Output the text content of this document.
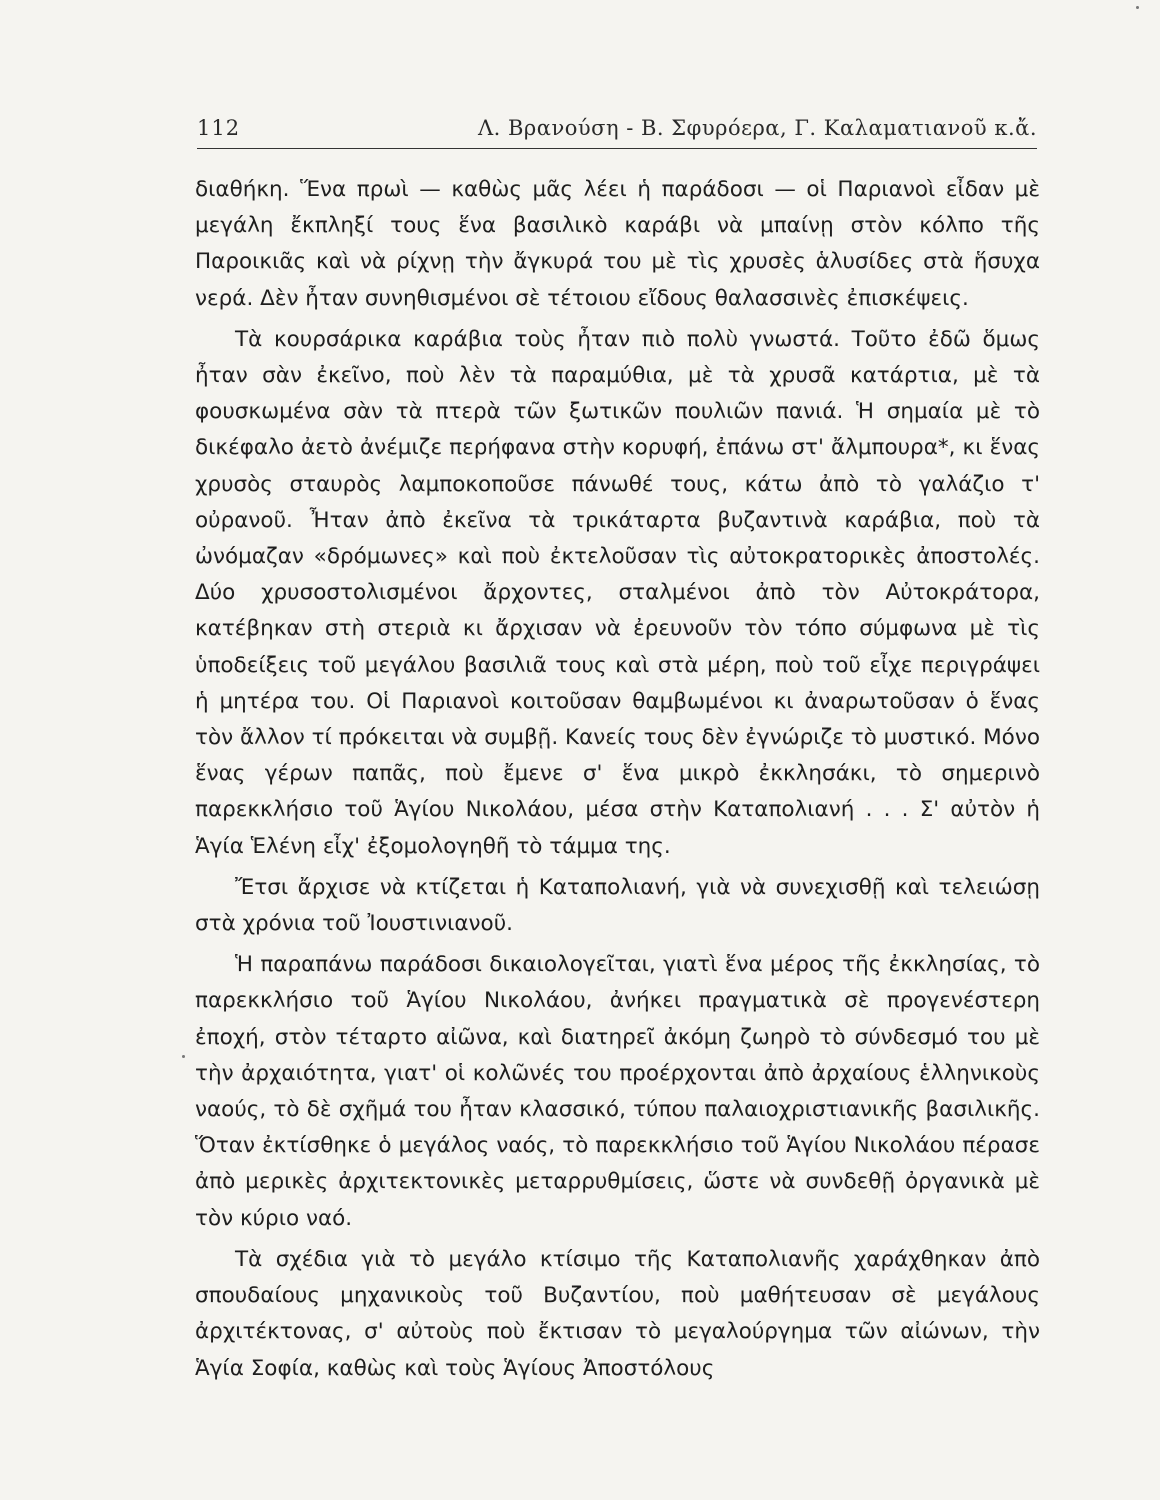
112	Λ. Βρανούση - Β. Σφυρόερα, Γ. Καλαματιανοῦ κ.ἄ.

διαθήκη. Ἕνα πρωὶ — καθὼς μᾶς λέει ἡ παράδοσι — οἱ Παριανοὶ εἶδαν μὲ μεγάλη ἔκπληξί τους ἕνα βασιλικὸ καράβι νὰ μπαίνῃ στὸν κόλπο τῆς Παροικιᾶς καὶ νὰ ρίχνῃ τὴν ἄγκυρά του μὲ τὶς χρυσὲς ἁλυσίδες στὰ ἥσυχα νερά. Δὲν ἦταν συνηθισμένοι σὲ τέτοιου εἴδους θαλασσινὲς ἐπισκέψεις.

Τὰ κουρσάρικα καράβια τοὺς ἦταν πιὸ πολὺ γνωστά. Τοῦτο ἐδῶ ὅμως ἦταν σὰν ἐκεῖνο, ποὺ λὲν τὰ παραμύθια, μὲ τὰ χρυσᾶ κατάρτια, μὲ τὰ φουσκωμένα σὰν τὰ πτερὰ τῶν ξωτικῶν πουλιῶν πανιά. Ἡ σημαία μὲ τὸ δικέφαλο ἀετὸ ἀνέμιζε περήφανα στὴν κορυφή, ἐπάνω στ' ἄλμπουρα*, κι ἕνας χρυσὸς σταυρὸς λαμποκοποῦσε πάνωθέ τους, κάτω ἀπὸ τὸ γαλάζιο τ' οὐρανοῦ. Ἦταν ἀπὸ ἐκεῖνα τὰ τρικάταρτα βυζαντινὰ καράβια, ποὺ τὰ ὠνόμαζαν «δρόμωνες» καὶ ποὺ ἐκτελοῦσαν τὶς αὐτοκρατορικὲς ἀποστολές. Δύο χρυσοστολισμένοι ἄρχοντες, σταλμένοι ἀπὸ τὸν Αὐτοκράτορα, κατέβηκαν στὴ στεριὰ κι ἄρχισαν νὰ ἐρευνοῦν τὸν τόπο σύμφωνα μὲ τὶς ὑποδείξεις τοῦ μεγάλου βασιλιᾶ τους καὶ στὰ μέρη, ποὺ τοῦ εἶχε περιγράψει ἡ μητέρα του. Οἱ Παριανοὶ κοιτοῦσαν θαμβωμένοι κι ἀναρωτοῦσαν ὁ ἕνας τὸν ἄλλον τί πρόκειται νὰ συμβῇ. Κανείς τους δὲν ἐγνώριζε τὸ μυστικό. Μόνο ἕνας γέρων παπᾶς, ποὺ ἔμενε σ' ἕνα μικρὸ ἐκκλησάκι, τὸ σημερινὸ παρεκκλήσιο τοῦ Ἁγίου Νικολάου, μέσα στὴν Καταπολιανή . . . Σ' αὐτὸν ἡ Ἁγία Ἑλένη εἶχ' ἐξομολογηθῆ τὸ τάμμα της.

Ἔτσι ἄρχισε νὰ κτίζεται ἡ Καταπολιανή, γιὰ νὰ συνεχισθῇ καὶ τελειώσῃ στὰ χρόνια τοῦ Ἰουστινιανοῦ.

Ἡ παραπάνω παράδοσι δικαιολογεῖται, γιατὶ ἕνα μέρος τῆς ἐκκλησίας, τὸ παρεκκλήσιο τοῦ Ἁγίου Νικολάου, ἀνήκει πραγματικὰ σὲ προγενέστερη ἐποχή, στὸν τέταρτο αἰῶνα, καὶ διατηρεῖ ἀκόμη ζωηρὸ τὸ σύνδεσμό του μὲ τὴν ἀρχαιότητα, γιατ' οἱ κολῶνές του προέρχονται ἀπὸ ἀρχαίους ἑλληνικοὺς ναούς, τὸ δὲ σχῆμά του ἦταν κλασσικό, τύπου παλαιοχριστιανικῆς βασιλικῆς. Ὅταν ἐκτίσθηκε ὁ μεγάλος ναός, τὸ παρεκκλήσιο τοῦ Ἁγίου Νικολάου πέρασε ἀπὸ μερικὲς ἀρχιτεκτονικὲς μεταρρυθμίσεις, ὥστε νὰ συνδεθῇ ὀργανικὰ μὲ τὸν κύριο ναό.

Τὰ σχέδια γιὰ τὸ μεγάλο κτίσιμο τῆς Καταπολιανῆς χαράχθηκαν ἀπὸ σπουδαίους μηχανικοὺς τοῦ Βυζαντίου, ποὺ μαθήτευσαν σὲ μεγάλους ἀρχιτέκτονας, σ' αὐτοὺς ποὺ ἔκτισαν τὸ μεγαλούργημα τῶν αἰώνων, τὴν Ἁγία Σοφία, καθὼς καὶ τοὺς Ἁγίους Ἀποστόλους
